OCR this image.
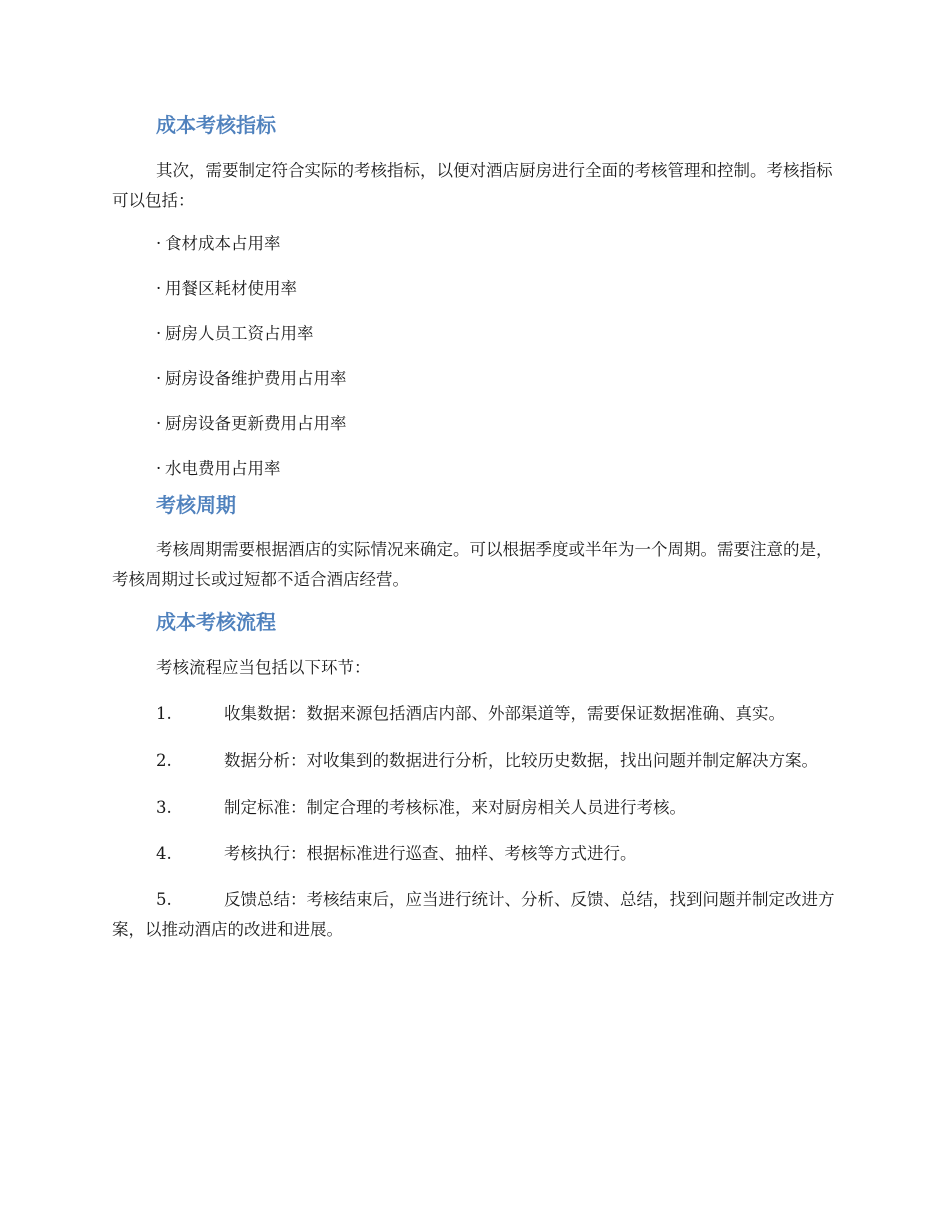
成本考核指标

其次，需要制定符合实际的考核指标，以便对酒店厨房进行全面的考核管理和控制。考核指标可以包括：

· 食材成本占用率
· 用餐区耗材使用率
· 厨房人员工资占用率
· 厨房设备维护费用占用率
· 厨房设备更新费用占用率
· 水电费用占用率
考核周期

考核周期需要根据酒店的实际情况来确定。可以根据季度或半年为一个周期。需要注意的是，考核周期过长或过短都不适合酒店经营。

成本考核流程

考核流程应当包括以下环节：

1.	收集数据：数据来源包括酒店内部、外部渠道等，需要保证数据准确、真实。
2.	数据分析：对收集到的数据进行分析，比较历史数据，找出问题并制定解决方案。
3.	制定标准：制定合理的考核标准，来对厨房相关人员进行考核。
4.	考核执行：根据标准进行巡查、抽样、考核等方式进行。
5.	反馈总结：考核结束后，应当进行统计、分析、反馈、总结，找到问题并制定改进方案，以推动酒店的改进和进展。
